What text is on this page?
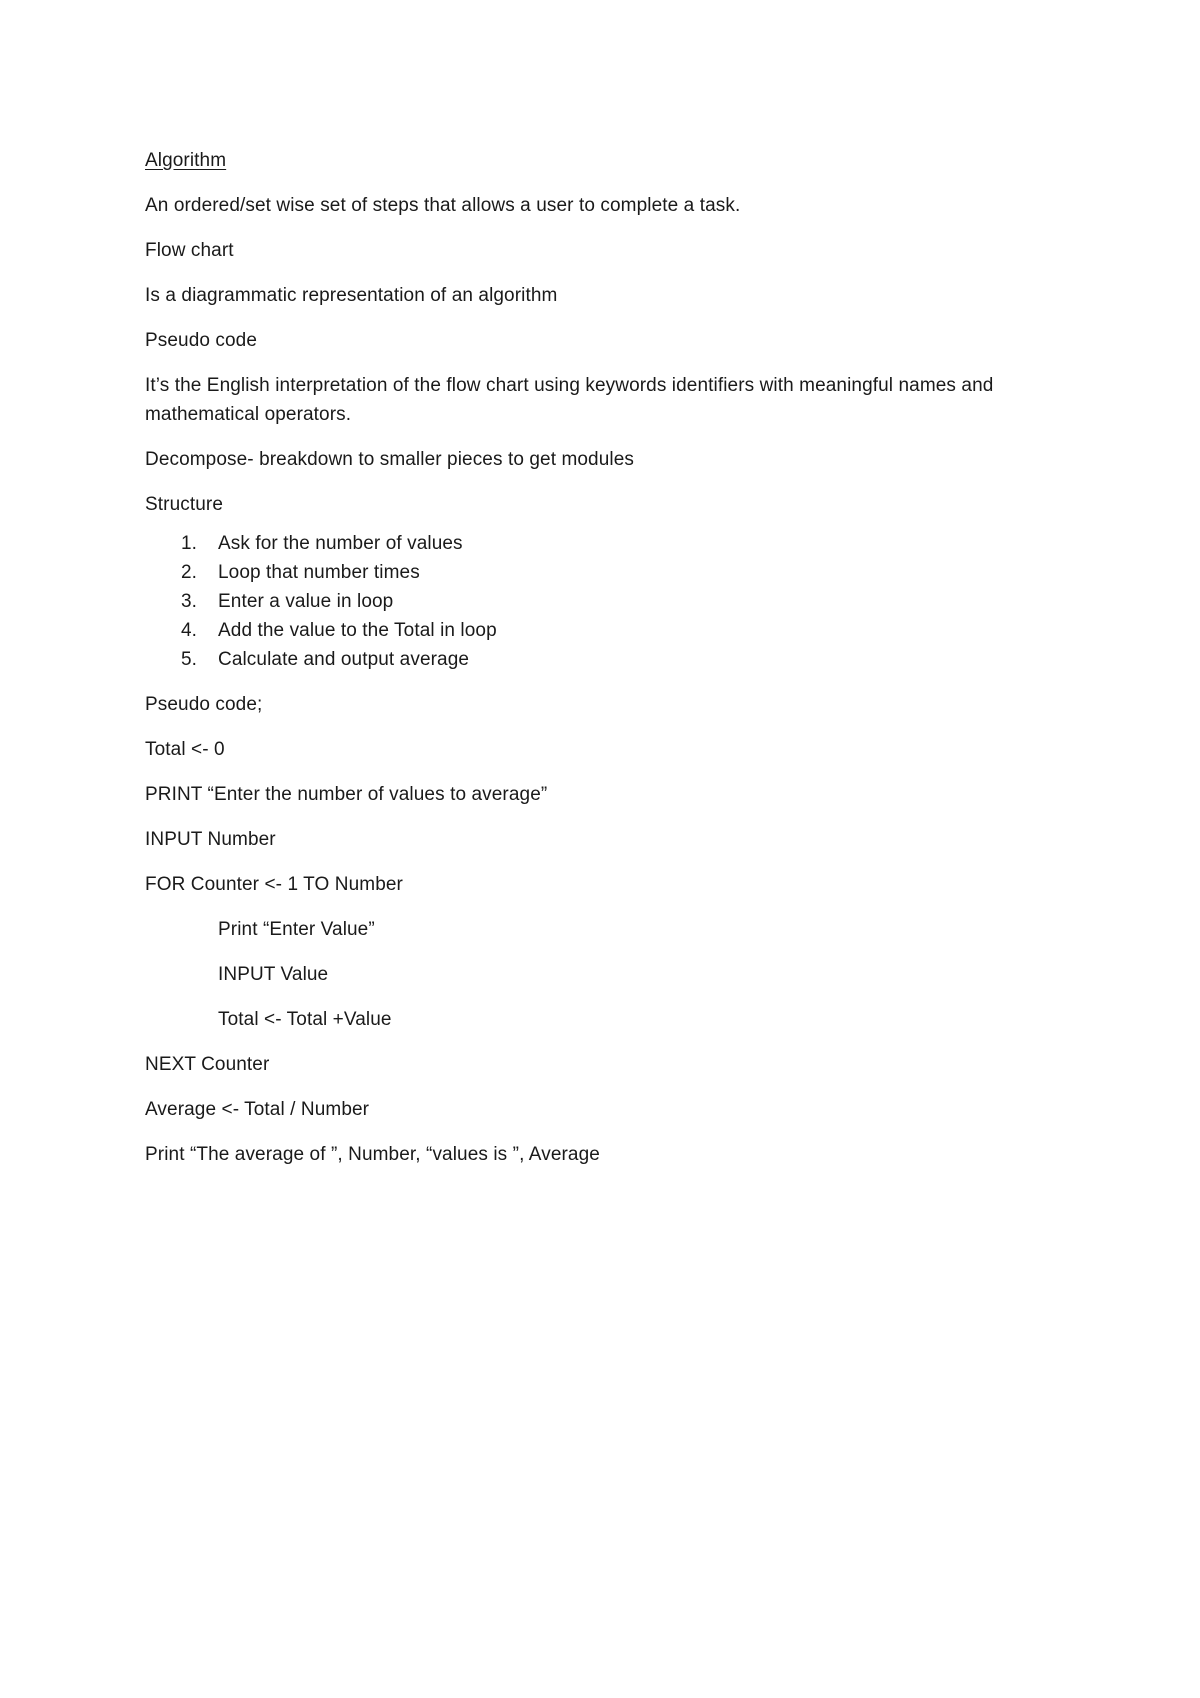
Algorithm

An ordered/set wise set of steps that allows a user to complete a task.

Flow chart

Is a diagrammatic representation of an algorithm

Pseudo code

It’s the English interpretation of the flow chart using keywords identifiers with meaningful names and mathematical operators.

Decompose- breakdown to smaller pieces to get modules

Structure

1. Ask for the number of values
2. Loop that number times
3. Enter a value in loop
4. Add the value to the Total in loop
5. Calculate and output average

Pseudo code;

Total <- 0

PRINT “Enter the number of values to average”

INPUT Number

FOR Counter <- 1 TO Number

Print “Enter Value”

INPUT Value

Total <- Total +Value

NEXT Counter

Average <- Total / Number

Print “The average of ”, Number, “values is ”, Average
